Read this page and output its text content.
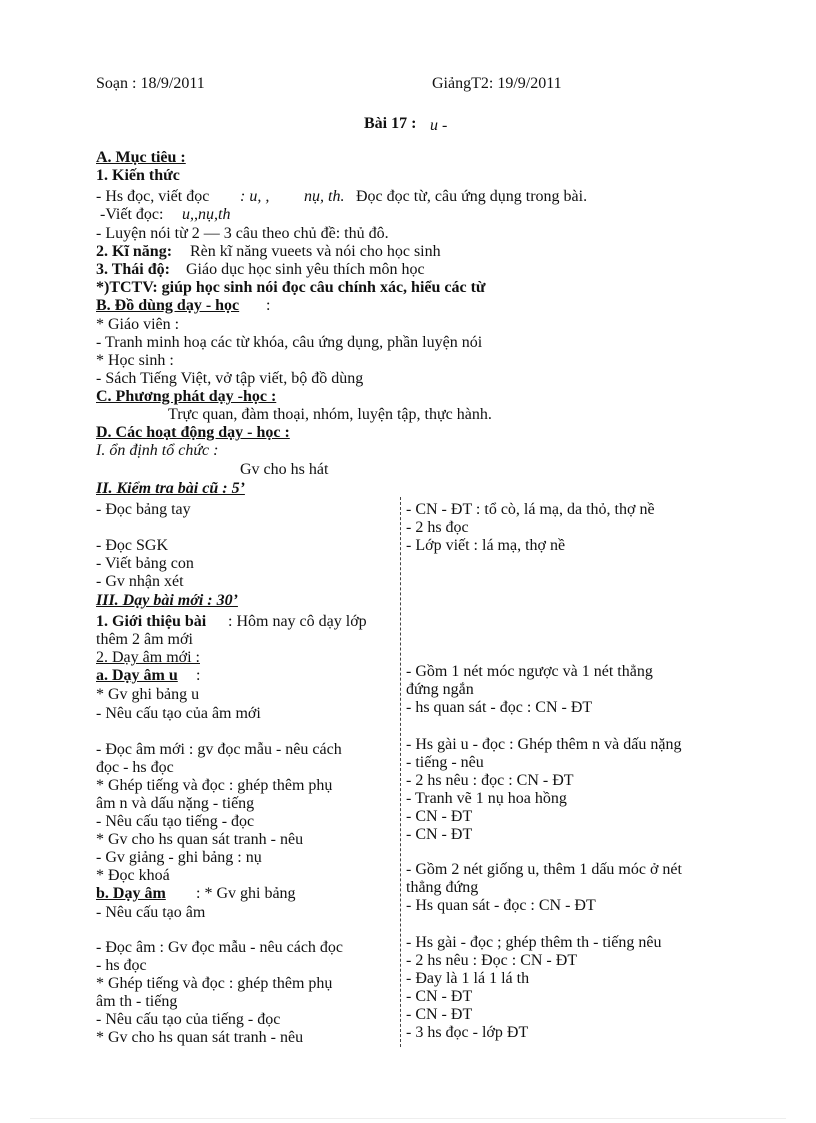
Soạn : 18/9/2011	GiảngT2: 19/9/2011
Bài 17 : u -
A. Mục tiêu :
1. Kiến thức
- Hs đọc, viết đọc : u, , nụ, th. Đọc đọc từ, câu ứng dụng trong bài.
-Viết đọc: u,,nụ,th
- Luyện nói từ 2 — 3 câu theo chủ đề: thủ đô.
2. Kĩ năng: Rèn kĩ năng vueets và nói cho học sinh
3. Thái độ: Giáo dục học sinh yêu thích môn học
*)TCTV: giúp học sinh nói đọc câu chính xác, hiểu các từ
B. Đồ dùng dạy - học :
* Giáo viên :
- Tranh minh hoạ các từ khóa, câu ứng dụng, phần luyện nói
* Học sinh :
- Sách Tiếng Việt, vở tập viết, bộ đồ dùng
C. Phương phát dạy -học :
Trực quan, đàm thoại, nhóm, luyện tập, thực hành.
D. Các hoạt động dạy - học :
I. ổn định tổ chức :
Gv cho hs hát
II. Kiểm tra bài cũ : 5’
- Đọc bảng tay
- Đọc SGK
- Viết bảng con
- Gv nhận xét
III. Dạy bài mới : 30’
1. Giới thiệu bài : Hôm nay cô dạy lớp
thêm 2 âm mới
2. Dạy âm mới :
a. Dạy âm u :
* Gv ghi bảng u
- Nêu cấu tạo của âm mới
- Đọc âm mới : gv đọc mẫu - nêu cách
đọc - hs đọc
* Ghép tiếng và đọc : ghép thêm phụ
âm n và dấu nặng - tiếng
- Nêu cấu tạo tiếng - đọc
* Gv cho hs quan sát tranh - nêu
- Gv giảng - ghi bảng : nụ
* Đọc khoá
b. Dạy âm : * Gv ghi bảng
- Nêu cấu tạo âm
- Đọc âm : Gv đọc mẫu - nêu cách đọc
- hs đọc
* Ghép tiếng và đọc : ghép thêm phụ
âm th - tiếng
- Nêu cấu tạo của tiếng - đọc
* Gv cho hs quan sát tranh - nêu
- CN - ĐT : tổ cò, lá mạ, da thỏ, thợ nề
- 2 hs đọc
- Lớp viết : lá mạ, thợ nề
- Gồm 1 nét móc ngược và 1 nét thẳng
đứng ngắn
- hs quan sát - đọc : CN - ĐT
- Hs gài u - đọc : Ghép thêm n và dấu nặng
- tiếng - nêu
- 2 hs nêu : đọc : CN - ĐT
- Tranh vẽ 1 nụ hoa hồng
- CN - ĐT
- CN - ĐT
- Gồm 2 nét giống u, thêm 1 dấu móc ở nét
thẳng đứng
- Hs quan sát - đọc : CN - ĐT
- Hs gài - đọc ; ghép thêm th - tiếng nêu
- 2 hs nêu : Đọc : CN - ĐT
- Đay là 1 lá 1 lá th
- CN - ĐT
- CN - ĐT
- 3 hs đọc - lớp ĐT
